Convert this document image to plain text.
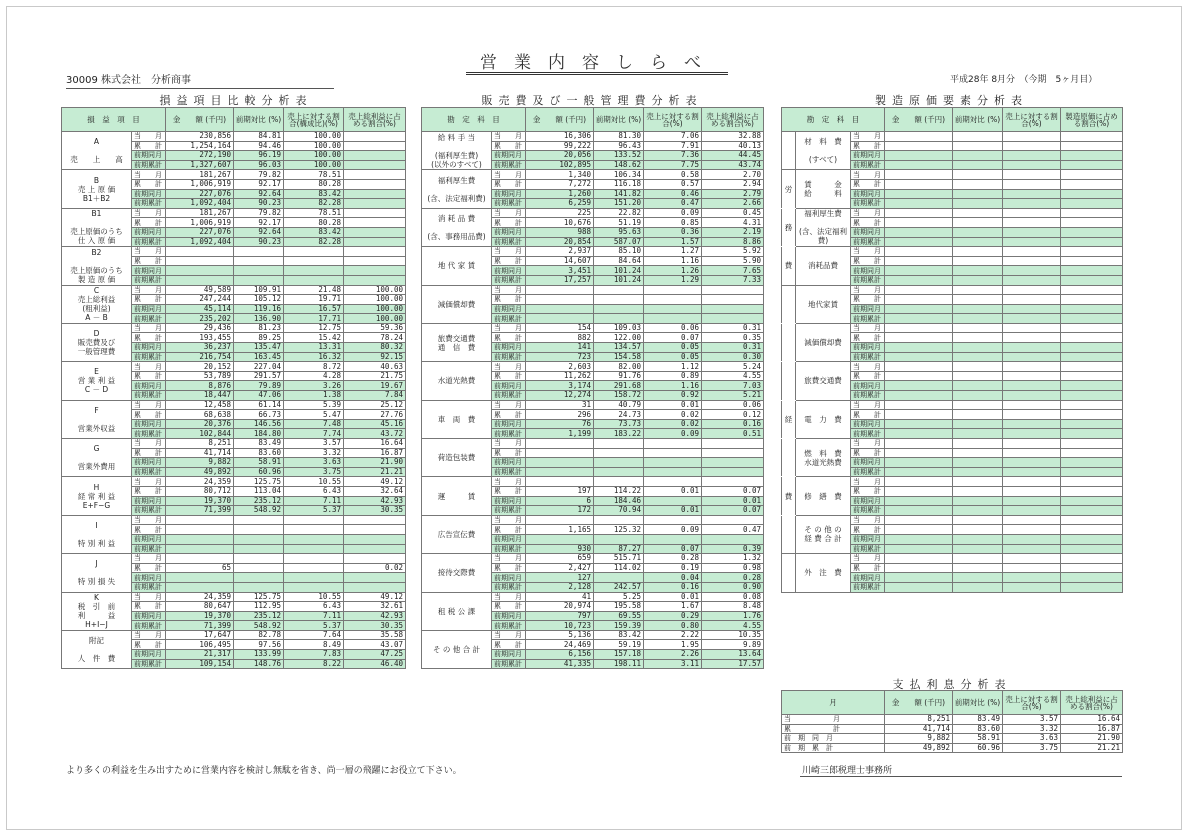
営業内容しらべ
30009 株式会社　分析商事	平成28年 8月分　（今期　5ヶ月目）
損益項目比較分析表
損　益　項　目		金　　額 (千円)	前期対比 (%)	売上に対する割合(構成比)(%)	売上総利益に占める割合(%)
A

売　　上　　高	当　　月	230,856	84.81	100.00	
	累　　計	1,254,164	94.46	100.00	
	前期同月	272,190	96.19	100.00	
	前期累計	1,327,607	96.03	100.00	
B
売 上 原 価
B1＋B2	当　　月	181,267	79.82	78.51	
	累　　計	1,006,919	92.17	80.28	
	前期同月	227,076	92.64	83.42	
	前期累計	1,092,404	90.23	82.28	
B1

売上原価のうち
仕 入 原 価	当　　月	181,267	79.82	78.51	
	累　　計	1,006,919	92.17	80.28	
	前期同月	227,076	92.64	83.42	
	前期累計	1,092,404	90.23	82.28	
B2

売上原価のうち
製 造 原 価	当　　月				
	累　　計				
	前期同月				
	前期累計				
C
売上総利益
(粗利益)
A － B	当　　月	49,589	109.91	21.48	100.00
	累　　計	247,244	105.12	19.71	100.00
	前期同月	45,114	119.16	16.57	100.00
	前期累計	235,202	136.90	17.71	100.00
D
販売費及び
一般管理費	当　　月	29,436	81.23	12.75	59.36
	累　　計	193,455	89.25	15.42	78.24
	前期同月	36,237	135.47	13.31	80.32
	前期累計	216,754	163.45	16.32	92.15
E
営 業 利 益
C － D	当　　月	20,152	227.04	8.72	40.63
	累　　計	53,789	291.57	4.28	21.75
	前期同月	8,876	79.89	3.26	19.67
	前期累計	18,447	47.06	1.38	7.84
F

営業外収益	当　　月	12,458	61.14	5.39	25.12
	累　　計	68,638	66.73	5.47	27.76
	前期同月	20,376	146.56	7.48	45.16
	前期累計	102,844	184.80	7.74	43.72
G

営業外費用	当　　月	8,251	83.49	3.57	16.64
	累　　計	41,714	83.60	3.32	16.87
	前期同月	9,882	58.91	3.63	21.90
	前期累計	49,892	60.96	3.75	21.21
H
経 常 利 益
E+F−G	当　　月	24,359	125.75	10.55	49.12
	累　　計	80,712	113.04	6.43	32.64
	前期同月	19,370	235.12	7.11	42.93
	前期累計	71,399	548.92	5.37	30.35
I

特 別 利 益	当　　月				
	累　　計				
	前期同月				
	前期累計				
J

特 別 損 失	当　　月				
	累　　計	65			0.02
	前期同月				
	前期累計				
K
税　引　前
利　　　益
H+I−J	当　　月	24,359	125.75	10.55	49.12
	累　　計	80,647	112.95	6.43	32.61
	前期同月	19,370	235.12	7.11	42.93
	前期累計	71,399	548.92	5.37	30.35
附記

人　件　費	当　　月	17,647	82.78	7.64	35.58
	累　　計	106,495	97.56	8.49	43.07
	前期同月	21,317	133.99	7.83	47.25
	前期累計	109,154	148.76	8.22	46.40
販売費及び一般管理費分析表
勘　定　科　目		金　　額 (千円)	前期対比 (%)	売上に対する割合(%)	売上総利益に占める割合(%)
給 料 手 当

(福利厚生費)
(以外のすべて)	当　　月	16,306	81.30	7.06	32.88
	累　　計	99,222	96.43	7.91	40.13
	前期同月	20,056	133.52	7.36	44.45
	前期累計	102,895	148.62	7.75	43.74
福利厚生費

(含、法定福利費)	当　　月	1,340	106.34	0.58	2.70
	累　　計	7,272	116.18	0.57	2.94
	前期同月	1,260	141.82	0.46	2.79
	前期累計	6,259	151.20	0.47	2.66
消 耗 品 費

(含、事務用品費)	当　　月	225	22.82	0.09	0.45
	累　　計	10,676	51.19	0.85	4.31
	前期同月	988	95.63	0.36	2.19
	前期累計	20,854	587.07	1.57	8.86
地 代 家 賃	当　　月	2,937	85.10	1.27	5.92
	累　　計	14,607	84.64	1.16	5.90
	前期同月	3,451	101.24	1.26	7.65
	前期累計	17,257	101.24	1.29	7.33
減価償却費	当　　月				
	累　　計				
	前期同月				
	前期累計				
旅費交通費
通　信　費	当　　月	154	109.03	0.06	0.31
	累　　計	882	122.00	0.07	0.35
	前期同月	141	134.57	0.05	0.31
	前期累計	723	154.58	0.05	0.30
水道光熱費	当　　月	2,603	82.00	1.12	5.24
	累　　計	11,262	91.76	0.89	4.55
	前期同月	3,174	291.68	1.16	7.03
	前期累計	12,274	158.72	0.92	5.21
車　両　費	当　　月	31	40.79	0.01	0.06
	累　　計	296	24.73	0.02	0.12
	前期同月	76	73.73	0.02	0.16
	前期累計	1,199	183.22	0.09	0.51
荷造包装費	当　　月				
	累　　計				
	前期同月				
	前期累計				
運　　　賃	当　　月				
	累　　計	197	114.22	0.01	0.07
	前期同月	6	184.46		0.01
	前期累計	172	70.94	0.01	0.07
広告宣伝費	当　　月				
	累　　計	1,165	125.32	0.09	0.47
	前期同月				
	前期累計	930	87.27	0.07	0.39
接待交際費	当　　月	659	515.71	0.28	1.32
	累　　計	2,427	114.02	0.19	0.98
	前期同月	127		0.04	0.28
	前期累計	2,128	242.57	0.16	0.90
租 税 公 課	当　　月	41	5.25	0.01	0.08
	累　　計	20,974	195.58	1.67	8.48
	前期同月	797	69.55	0.29	1.76
	前期累計	10,723	159.39	0.80	4.55
そ の 他 合 計	当　　月	5,136	83.42	2.22	10.35
	累　　計	24,469	59.19	1.95	9.89
	前期同月	6,156	157.18	2.26	13.64
	前期累計	41,335	198.11	3.11	17.57
製造原価要素分析表
勘　定　科　目			金　　額 (千円)	前期対比 (%)	売上に対する割合(%)	製造原価に占める割合(%)
	材　料　費

(すべて)	当　　月				
		累　　計				
		前期同月				
		前期累計				
労	賃　　　金
給　　　料	当　　月				
		累　　計				
		前期同月				
		前期累計				
務	福利厚生費

(含、法定福利費)	当　　月				
		累　　計				
		前期同月				
		前期累計				
費	消耗品費	当　　月				
		累　　計				
		前期同月				
		前期累計				
	地代家賃	当　　月				
		累　　計				
		前期同月				
		前期累計				
	減価償却費	当　　月				
		累　　計				
		前期同月				
		前期累計				
	旅費交通費	当　　月				
		累　　計				
		前期同月				
		前期累計				
経	電　力　費	当　　月				
		累　　計				
		前期同月				
		前期累計				
	燃　料　費
水道光熱費	当　　月				
		累　　計				
		前期同月				
		前期累計				
費	修　繕　費	当　　月				
		累　　計				
		前期同月				
		前期累計				
	そ の 他 の
経 費 合 計	当　　月				
		累　　計				
		前期同月				
		前期累計				
	外　注　費	当　　月				
		累　　計				
		前期同月				
		前期累計				
支払利息分析表
月	金　　額 (千円)	前期対比 (%)	売上に対する割合(%)	売上総利益に占める割合(%)
当　　　　　　月	8,251	83.49	3.57	16.64
累　　　　　　計	41,714	83.60	3.32	16.87
前　期　同　月	9,882	58.91	3.63	21.90
前　期　累　計	49,892	60.96	3.75	21.21
より多くの利益を生み出すために営業内容を検討し無駄を省き、尚一層の飛躍にお役立て下さい。	川崎三郎税理士事務所
